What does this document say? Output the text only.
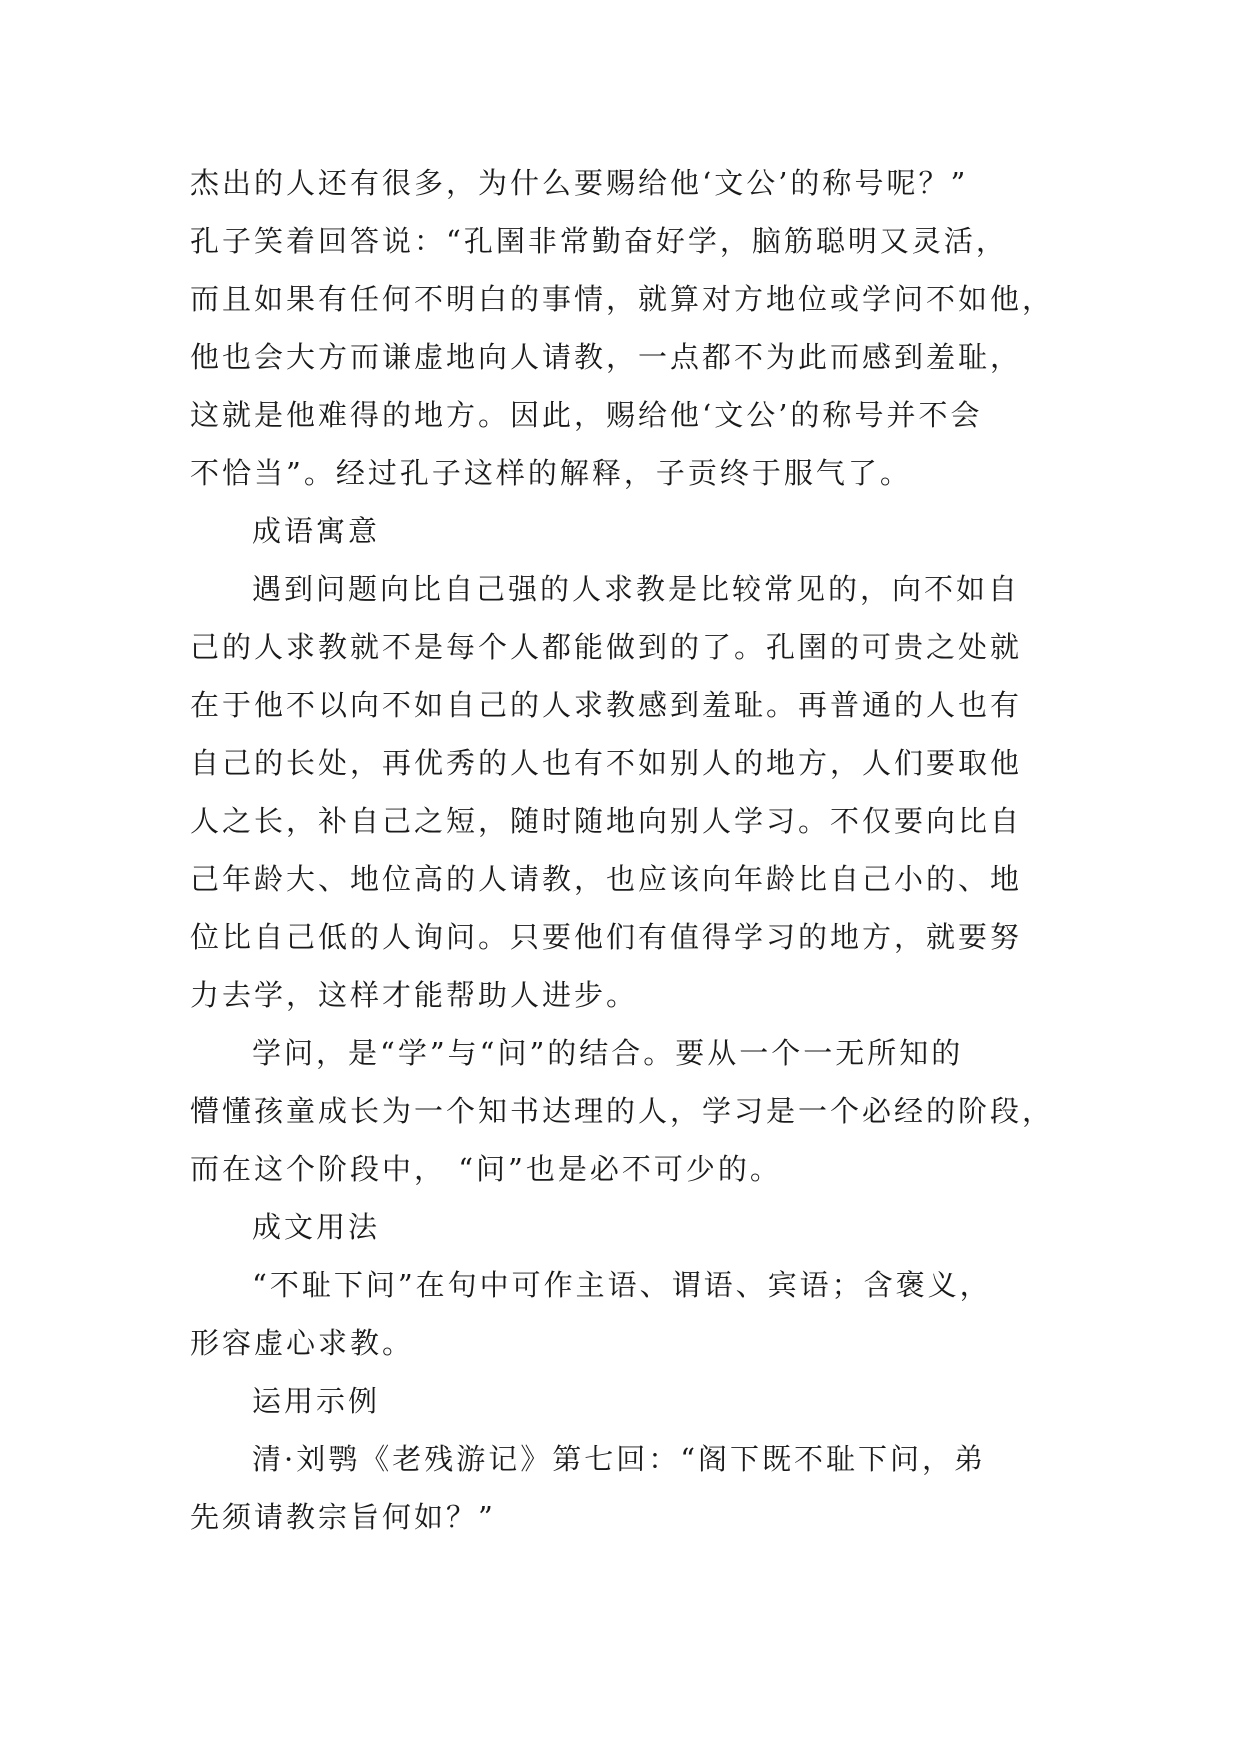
杰出的人还有很多，为什么要赐给他‘文公’的称号呢？”
孔子笑着回答说：“孔圉非常勤奋好学，脑筋聪明又灵活，
而且如果有任何不明白的事情，就算对方地位或学问不如他，
他也会大方而谦虚地向人请教，一点都不为此而感到羞耻，
这就是他难得的地方。因此，赐给他‘文公’的称号并不会
不恰当”。经过孔子这样的解释，子贡终于服气了。
成语寓意
遇到问题向比自己强的人求教是比较常见的，向不如自
己的人求教就不是每个人都能做到的了。孔圉的可贵之处就
在于他不以向不如自己的人求教感到羞耻。再普通的人也有
自己的长处，再优秀的人也有不如别人的地方，人们要取他
人之长，补自己之短，随时随地向别人学习。不仅要向比自
己年龄大、地位高的人请教，也应该向年龄比自己小的、地
位比自己低的人询问。只要他们有值得学习的地方，就要努
力去学，这样才能帮助人进步。
学问，是“学”与“问”的结合。要从一个一无所知的
懵懂孩童成长为一个知书达理的人，学习是一个必经的阶段，
而在这个阶段中， “问”也是必不可少的。
成文用法
“不耻下问”在句中可作主语、谓语、宾语；含褒义，
形容虚心求教。
运用示例
清·刘鹗《老残游记》第七回：“阁下既不耻下问，弟
先须请教宗旨何如？”
